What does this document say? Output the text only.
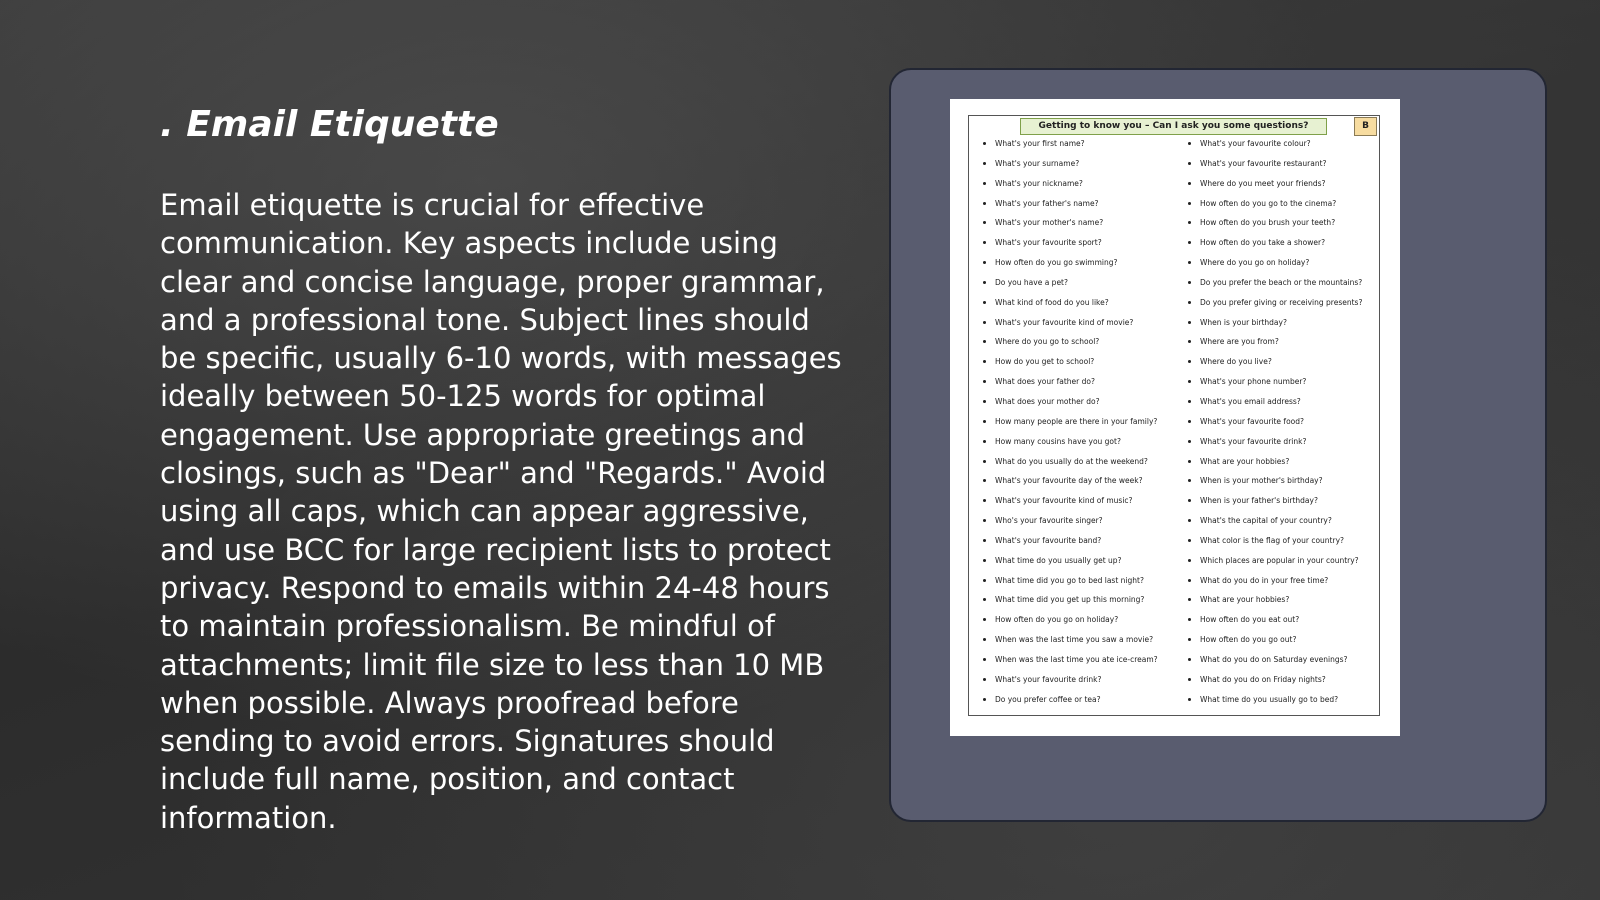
. Email Etiquette

Email etiquette is crucial for effective communication. Key aspects include using clear and concise language, proper grammar, and a professional tone. Subject lines should be specific, usually 6-10 words, with messages ideally between 50-125 words for optimal engagement. Use appropriate greetings and closings, such as "Dear" and "Regards." Avoid using all caps, which can appear aggressive, and use BCC for large recipient lists to protect privacy. Respond to emails within 24-48 hours to maintain professionalism. Be mindful of attachments; limit file size to less than 10 MB when possible. Always proofread before sending to avoid errors. Signatures should include full name, position, and contact information.

Getting to know you – Can I ask you some questions?	B
What's your first name?
What's your surname?
What's your nickname?
What's your father's name?
What's your mother's name?
What's your favourite sport?
How often do you go swimming?
Do you have a pet?
What kind of food do you like?
What's your favourite kind of movie?
Where do you go to school?
How do you get to school?
What does your father do?
What does your mother do?
How many people are there in your family?
How many cousins have you got?
What do you usually do at the weekend?
What's your favourite day of the week?
What's your favourite kind of music?
Who's your favourite singer?
What's your favourite band?
What time do you usually get up?
What time did you go to bed last night?
What time did you get up this morning?
How often do you go on holiday?
When was the last time you saw a movie?
When was the last time you ate ice-cream?
What's your favourite drink?
Do you prefer coffee or tea?
What's your favourite colour?
What's your favourite restaurant?
Where do you meet your friends?
How often do you go to the cinema?
How often do you brush your teeth?
How often do you take a shower?
Where do you go on holiday?
Do you prefer the beach or the mountains?
Do you prefer giving or receiving presents?
When is your birthday?
Where are you from?
Where do you live?
What's your phone number?
What's you email address?
What's your favourite food?
What's your favourite drink?
What are your hobbies?
When is your mother's birthday?
When is your father's birthday?
What's the capital of your country?
What color is the flag of your country?
Which places are popular in your country?
What do you do in your free time?
What are your hobbies?
How often do you eat out?
How often do you go out?
What do you do on Saturday evenings?
What do you do on Friday nights?
What time do you usually go to bed?
